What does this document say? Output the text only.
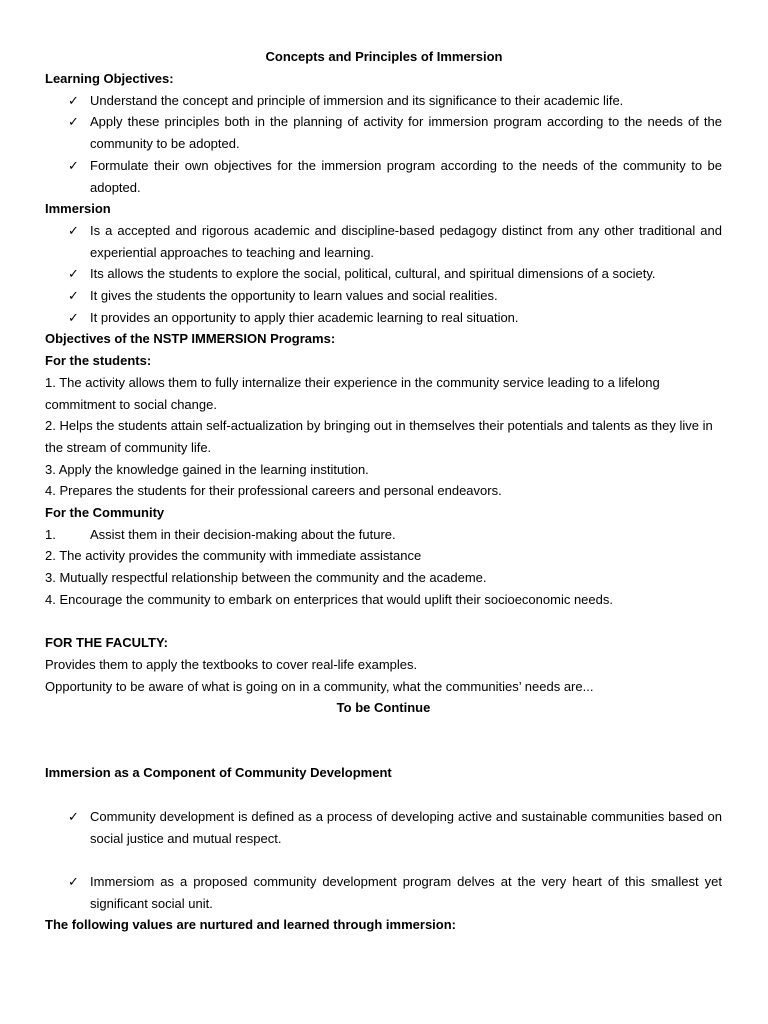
Concepts and Principles of Immersion
Learning Objectives:
✓ Understand the concept and principle of immersion and its significance to their academic life.
✓ Apply these principles both in the planning of activity for immersion program according to the needs of the community to be adopted.
✓ Formulate their own objectives for the immersion program according to the needs of the community to be adopted.
Immersion
✓ Is a accepted and rigorous academic and discipline-based pedagogy distinct from any other traditional and experiential approaches to teaching and learning.
✓ Its allows the students to explore the social, political, cultural, and spiritual dimensions of a society.
✓ It gives the students the opportunity to learn values and social realities.
✓ It provides an opportunity to apply thier academic learning to real situation.
Objectives of the NSTP IMMERSION Programs:
For the students:
1. The activity allows them to fully internalize their experience in the community service leading to a lifelong commitment to social change.
2. Helps the students attain self-actualization by bringing out in themselves their potentials and talents as they live in the stream of community life.
3. Apply the knowledge gained in the learning institution.
4. Prepares the students for their professional careers and personal endeavors.
For the Community
1.	Assist them in their decision-making about the future.
2. The activity provides the community with immediate assistance
3. Mutually respectful relationship between the community and the academe.
4. Encourage the community to embark on enterprices that would uplift their socioeconomic needs.
FOR THE FACULTY:
Provides them to apply the textbooks to cover real-life examples.
Opportunity to be aware of what is going on in a community, what the communities’ needs are...
To be Continue
Immersion as a Component of Community Development
✓ Community development is defined as a process of developing active and sustainable communities based on social justice and mutual respect.
✓ Immersiom as a proposed community development program delves at the very heart of this smallest yet significant social unit.
The following values are nurtured and learned through immersion:
